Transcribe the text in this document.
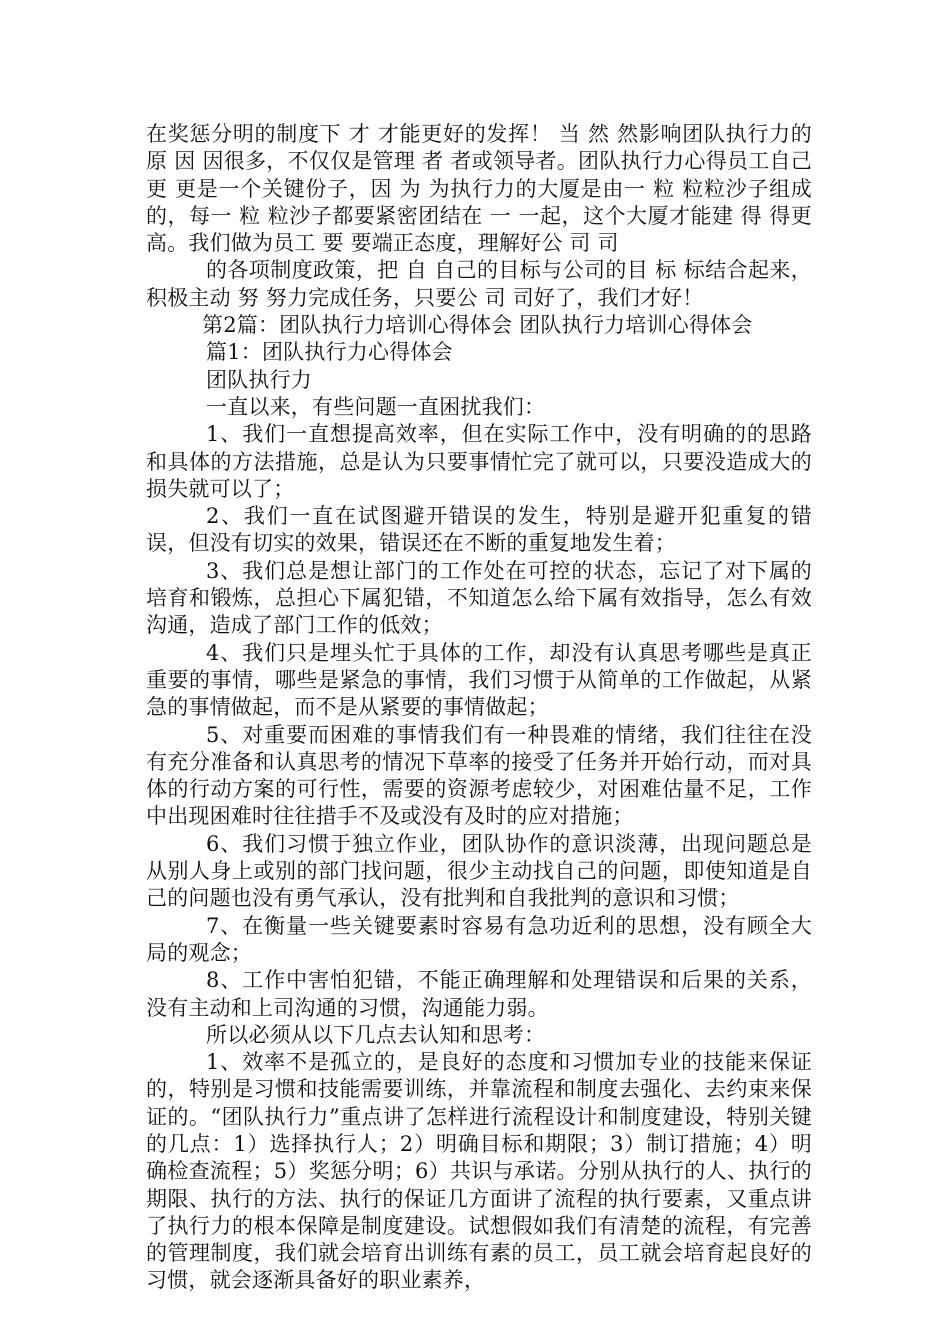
在奖惩分明的制度下 才 才能更好的发挥！ 当 然 然影响团队执行力的原 因 因很多，不仅仅是管理 者 者或领导者。团队执行力心得员工自己 更 更是一个关键份子，因 为 为执行力的大厦是由一 粒 粒粒沙子组成的，每一 粒 粒沙子都要紧密团结在 一 一起，这个大厦才能建 得 得更高。我们做为员工 要 要端正态度，理解好公 司 司

的各项制度政策，把 自 自己的目标与公司的目 标 标结合起来，积极主动 努 努力完成任务，只要公 司 司好了，我们才好！

第2篇：团队执行力培训心得体会 团队执行力培训心得体会

篇1：团队执行力心得体会

团队执行力

一直以来，有些问题一直困扰我们：

1、我们一直想提高效率，但在实际工作中，没有明确的的思路和具体的方法措施，总是认为只要事情忙完了就可以，只要没造成大的损失就可以了；

2、我们一直在试图避开错误的发生，特别是避开犯重复的错误，但没有切实的效果，错误还在不断的重复地发生着；

3、我们总是想让部门的工作处在可控的状态，忘记了对下属的培育和锻炼，总担心下属犯错，不知道怎么给下属有效指导，怎么有效沟通，造成了部门工作的低效；

4、我们只是埋头忙于具体的工作，却没有认真思考哪些是真正重要的事情，哪些是紧急的事情，我们习惯于从简单的工作做起，从紧急的事情做起，而不是从紧要的事情做起；

5、对重要而困难的事情我们有一种畏难的情绪，我们往往在没有充分准备和认真思考的情况下草率的接受了任务并开始行动，而对具体的行动方案的可行性，需要的资源考虑较少，对困难估量不足，工作中出现困难时往往措手不及或没有及时的应对措施；

6、我们习惯于独立作业，团队协作的意识淡薄，出现问题总是从别人身上或别的部门找问题，很少主动找自己的问题，即使知道是自己的问题也没有勇气承认，没有批判和自我批判的意识和习惯；

7、在衡量一些关键要素时容易有急功近利的思想，没有顾全大局的观念；

8、工作中害怕犯错，不能正确理解和处理错误和后果的关系，没有主动和上司沟通的习惯，沟通能力弱。

所以必须从以下几点去认知和思考：

1、效率不是孤立的，是良好的态度和习惯加专业的技能来保证的，特别是习惯和技能需要训练，并靠流程和制度去强化、去约束来保证的。“团队执行力”重点讲了怎样进行流程设计和制度建设，特别关键的几点：1）选择执行人；2）明确目标和期限；3）制订措施；4）明确检查流程；5）奖惩分明；6）共识与承诺。分别从执行的人、执行的期限、执行的方法、执行的保证几方面讲了流程的执行要素，又重点讲了执行力的根本保障是制度建设。试想假如我们有清楚的流程，有完善的管理制度，我们就会培育出训练有素的员工，员工就会培育起良好的习惯，就会逐渐具备好的职业素养，
